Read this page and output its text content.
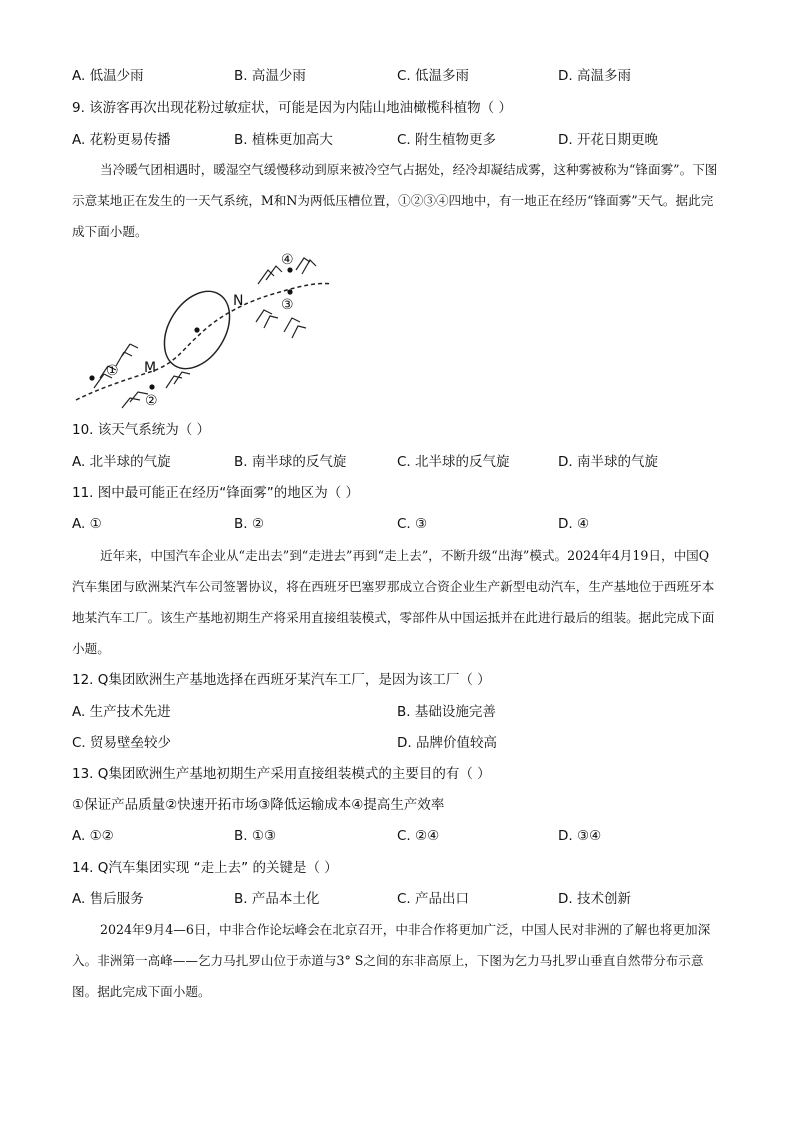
A. 低温少雨	B. 高温少雨	C. 低温多雨	D. 高温多雨
9. 该游客再次出现花粉过敏症状，可能是因为内陆山地油橄榄科植物（ ）
A. 花粉更易传播	B. 植株更加高大	C. 附生植物更多	D. 开花日期更晚
当冷暖气团相遇时，暖湿空气缓慢移动到原来被冷空气占据处，经冷却凝结成雾，这种雾被称为“锋面雾”。下图示意某地正在发生的一天气系统，M和N为两低压槽位置，①②③④四地中，有一地正在经历“锋面雾”天气。据此完成下面小题。
M
N
①
②
③
④
10. 该天气系统为（ ）
A. 北半球的气旋	B. 南半球的反气旋	C. 北半球的反气旋	D. 南半球的气旋
11. 图中最可能正在经历“锋面雾”的地区为（ ）
A. ①	B. ②	C. ③	D. ④
近年来，中国汽车企业从“走出去”到“走进去”再到“走上去”，不断升级“出海”模式。2024年4月19日，中国Q汽车集团与欧洲某汽车公司签署协议，将在西班牙巴塞罗那成立合资企业生产新型电动汽车，生产基地位于西班牙本地某汽车工厂。该生产基地初期生产将采用直接组装模式，零部件从中国运抵并在此进行最后的组装。据此完成下面小题。
12. Q集团欧洲生产基地选择在西班牙某汽车工厂，是因为该工厂（ ）
A. 生产技术先进	B. 基础设施完善
C. 贸易壁垒较少	D. 品牌价值较高
13. Q集团欧洲生产基地初期生产采用直接组装模式的主要目的有（ ）
①保证产品质量②快速开拓市场③降低运输成本④提高生产效率
A. ①②	B. ①③	C. ②④	D. ③④
14. Q汽车集团实现 “走上去” 的关键是（ ）
A. 售后服务	B. 产品本土化	C. 产品出口	D. 技术创新
2024年9月4—6日，中非合作论坛峰会在北京召开，中非合作将更加广泛，中国人民对非洲的了解也将更加深入。非洲第一高峰——乞力马扎罗山位于赤道与3° S之间的东非高原上，下图为乞力马扎罗山垂直自然带分布示意图。据此完成下面小题。
